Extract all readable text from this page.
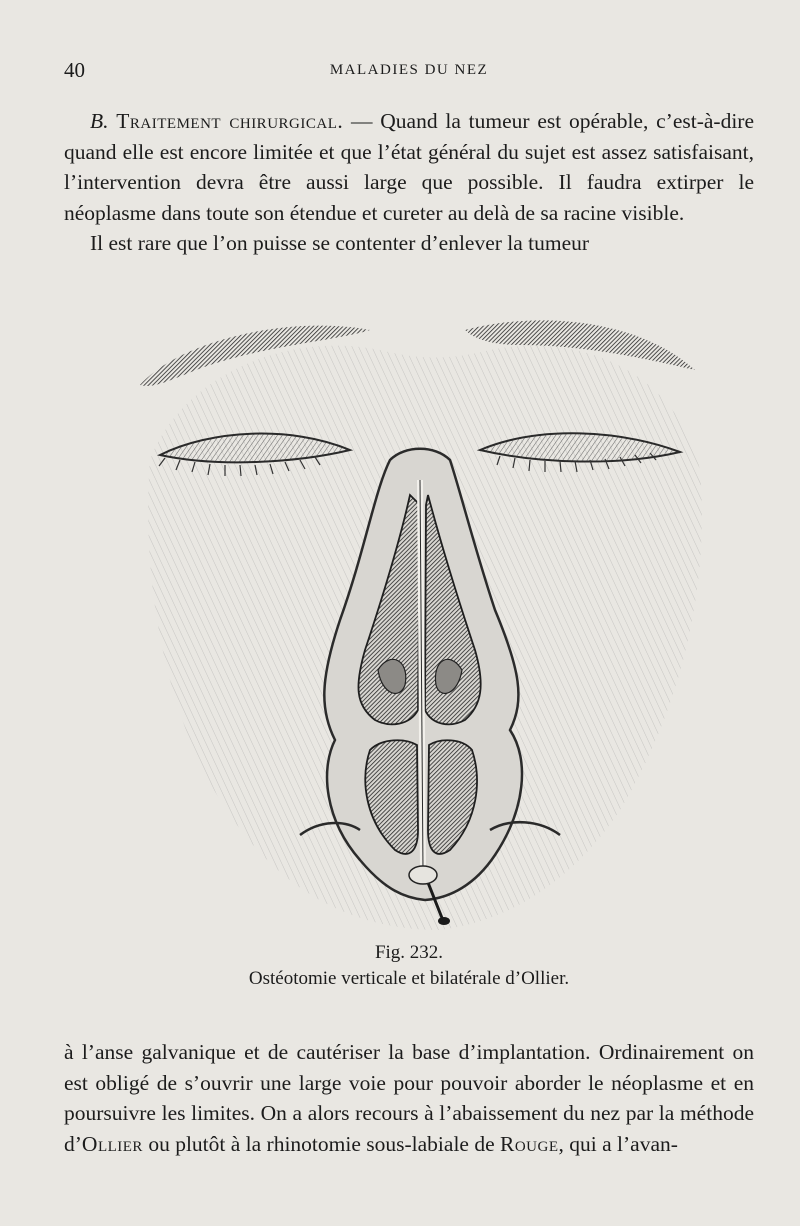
40	MALADIES DU NEZ

B. Traitement chirurgical. — Quand la tumeur est opérable, c’est-à-dire quand elle est encore limitée et que l’état général du sujet est assez satisfaisant, l’intervention devra être aussi large que possible. Il faudra extirper le néoplasme dans toute son étendue et cureter au delà de sa racine visible.

Il est rare que l’on puisse se contenter d’enlever la tumeur

Fig. 232.
Ostéotomie verticale et bilatérale d’Ollier.

à l’anse galvanique et de cautériser la base d’implantation. Ordinairement on est obligé de s’ouvrir une large voie pour pouvoir aborder le néoplasme et en poursuivre les limites. On a alors recours à l’abaissement du nez par la méthode d’Ollier ou plutôt à la rhinotomie sous-labiale de Rouge, qui a l’avan-
